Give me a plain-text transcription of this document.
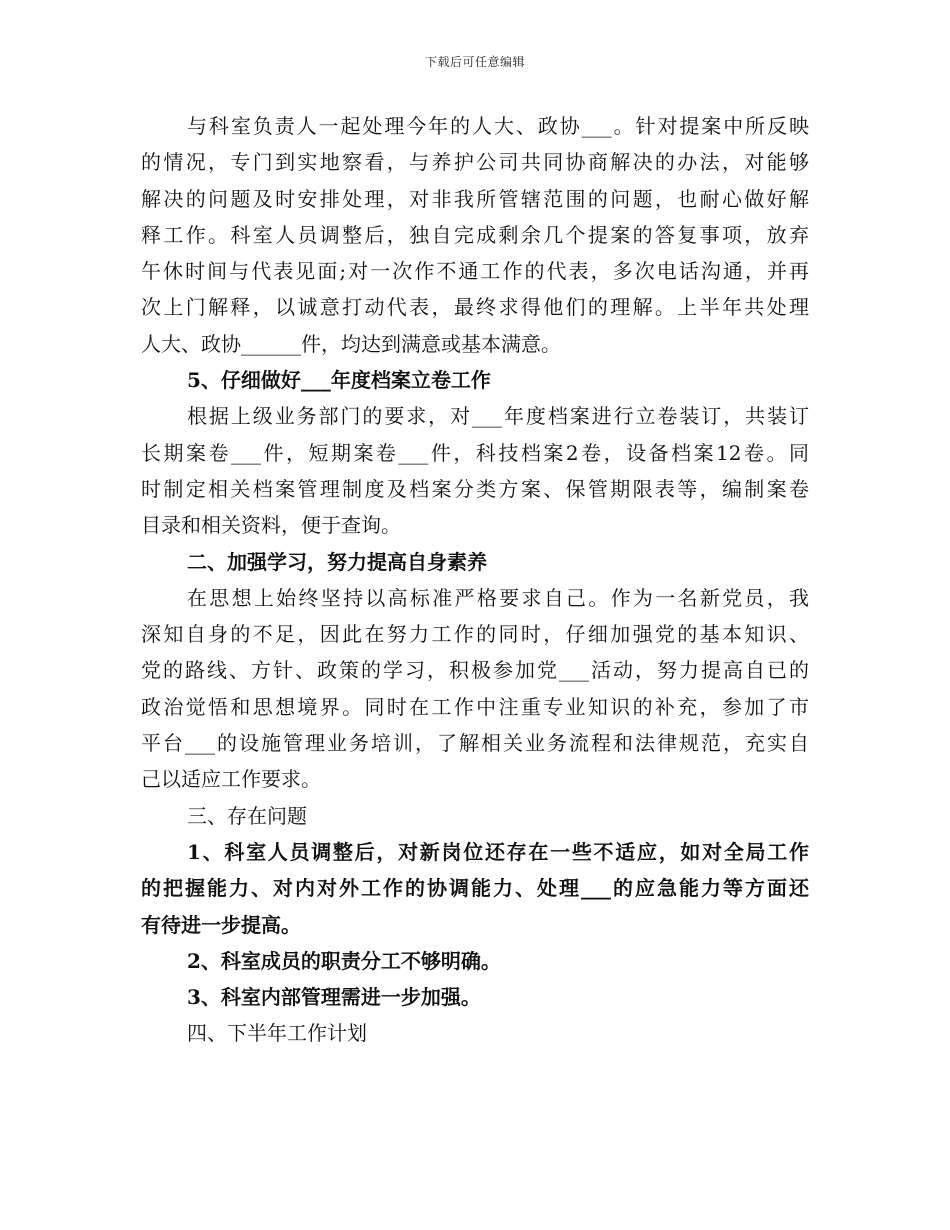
下载后可任意编辑
与科室负责人一起处理今年的人大、政协___。针对提案中所反映
的情况，专门到实地察看，与养护公司共同协商解决的办法，对能够
解决的问题及时安排处理，对非我所管辖范围的问题，也耐心做好解
释工作。科室人员调整后，独自完成剩余几个提案的答复事项，放弃
午休时间与代表见面;对一次作不通工作的代表，多次电话沟通，并再
次上门解释，以诚意打动代表，最终求得他们的理解。上半年共处理
人大、政协______件，均达到满意或基本满意。
5、仔细做好___年度档案立卷工作
根据上级业务部门的要求，对___年度档案进行立卷装订，共装订
长期案卷___件，短期案卷___件，科技档案2卷，设备档案12卷。同
时制定相关档案管理制度及档案分类方案、保管期限表等，编制案卷
目录和相关资料，便于查询。
二、加强学习，努力提高自身素养
在思想上始终坚持以高标准严格要求自己。作为一名新党员，我
深知自身的不足，因此在努力工作的同时，仔细加强党的基本知识、
党的路线、方针、政策的学习，积极参加党___活动，努力提高自已的
政治觉悟和思想境界。同时在工作中注重专业知识的补充，参加了市
平台___的设施管理业务培训，了解相关业务流程和法律规范，充实自
己以适应工作要求。
三、存在问题
1、科室人员调整后，对新岗位还存在一些不适应，如对全局工作
的把握能力、对内对外工作的协调能力、处理___的应急能力等方面还
有待进一步提高。
2、科室成员的职责分工不够明确。
3、科室内部管理需进一步加强。
四、下半年工作计划
